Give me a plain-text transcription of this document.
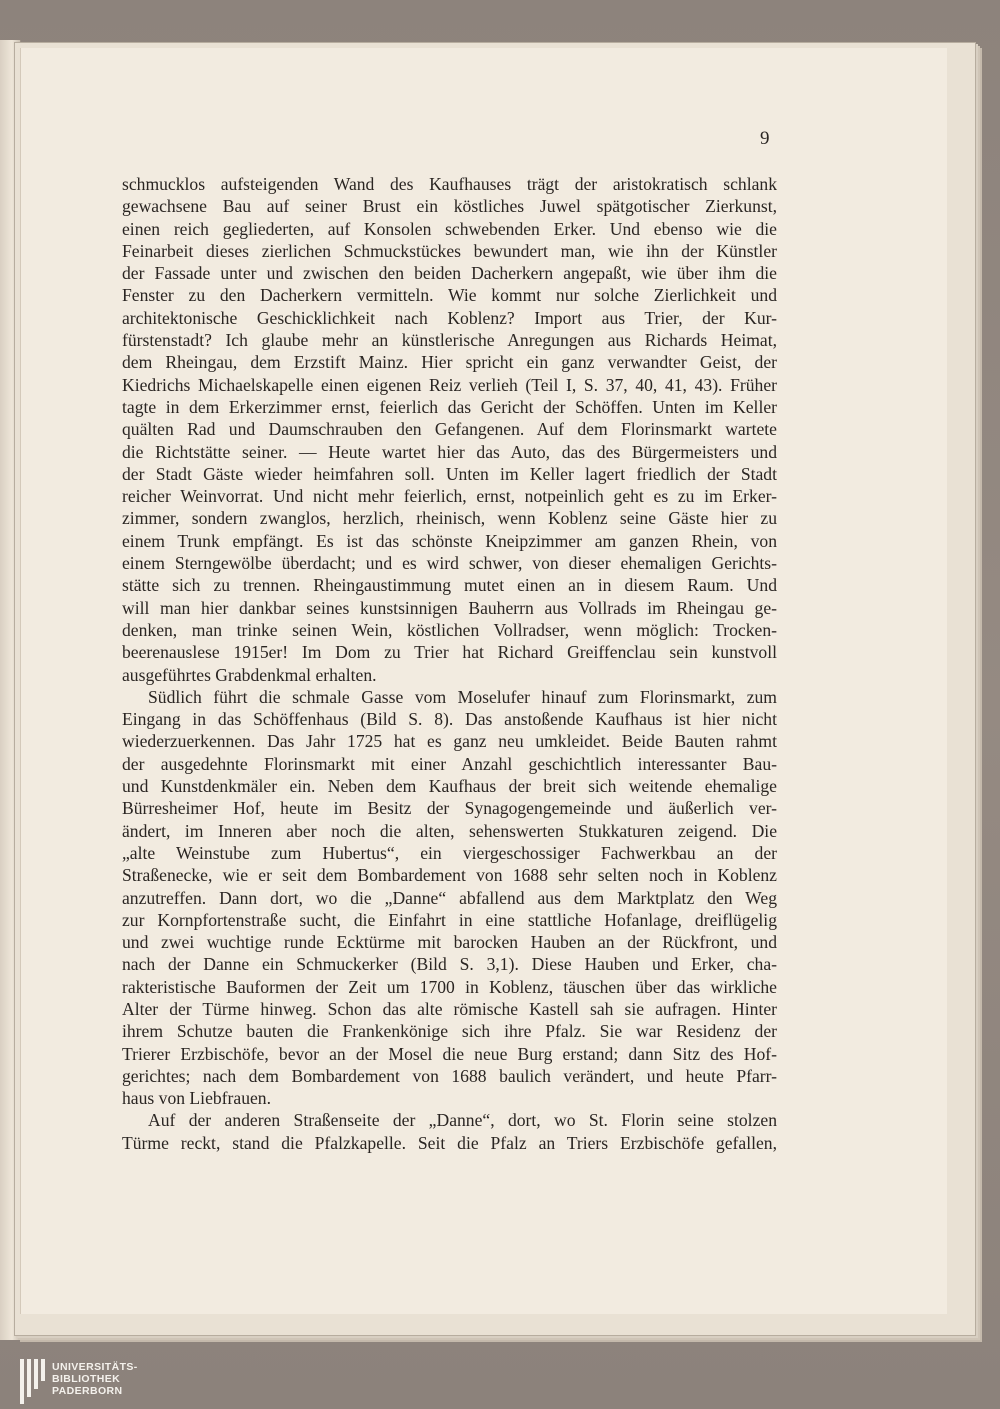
9
schmucklos aufsteigenden Wand des Kaufhauses trägt der aristokratisch schlank
gewachsene Bau auf seiner Brust ein köstliches Juwel spätgotischer Zierkunst,
einen reich gegliederten, auf Konsolen schwebenden Erker. Und ebenso wie die
Feinarbeit dieses zierlichen Schmuckstückes bewundert man, wie ihn der Künstler
der Fassade unter und zwischen den beiden Dacherkern angepaßt, wie über ihm die
Fenster zu den Dacherkern vermitteln. Wie kommt nur solche Zierlichkeit und
architektonische Geschicklichkeit nach Koblenz? Import aus Trier, der Kur-
fürstenstadt? Ich glaube mehr an künstlerische Anregungen aus Richards Heimat,
dem Rheingau, dem Erzstift Mainz. Hier spricht ein ganz verwandter Geist, der
Kiedrichs Michaelskapelle einen eigenen Reiz verlieh (Teil I, S. 37, 40, 41, 43). Früher
tagte in dem Erkerzimmer ernst, feierlich das Gericht der Schöffen. Unten im Keller
quälten Rad und Daumschrauben den Gefangenen. Auf dem Florinsmarkt wartete
die Richtstätte seiner. — Heute wartet hier das Auto, das des Bürgermeisters und
der Stadt Gäste wieder heimfahren soll. Unten im Keller lagert friedlich der Stadt
reicher Weinvorrat. Und nicht mehr feierlich, ernst, notpeinlich geht es zu im Erker-
zimmer, sondern zwanglos, herzlich, rheinisch, wenn Koblenz seine Gäste hier zu
einem Trunk empfängt. Es ist das schönste Kneipzimmer am ganzen Rhein, von
einem Sterngewölbe überdacht; und es wird schwer, von dieser ehemaligen Gerichts-
stätte sich zu trennen. Rheingaustimmung mutet einen an in diesem Raum. Und
will man hier dankbar seines kunstsinnigen Bauherrn aus Vollrads im Rheingau ge-
denken, man trinke seinen Wein, köstlichen Vollradser, wenn möglich: Trocken-
beerenauslese 1915er! Im Dom zu Trier hat Richard Greiffenclau sein kunstvoll
ausgeführtes Grabdenkmal erhalten.
Südlich führt die schmale Gasse vom Moselufer hinauf zum Florinsmarkt, zum
Eingang in das Schöffenhaus (Bild S. 8). Das anstoßende Kaufhaus ist hier nicht
wiederzuerkennen. Das Jahr 1725 hat es ganz neu umkleidet. Beide Bauten rahmt
der ausgedehnte Florinsmarkt mit einer Anzahl geschichtlich interessanter Bau-
und Kunstdenkmäler ein. Neben dem Kaufhaus der breit sich weitende ehemalige
Bürresheimer Hof, heute im Besitz der Synagogengemeinde und äußerlich ver-
ändert, im Inneren aber noch die alten, sehenswerten Stukkaturen zeigend. Die
„alte Weinstube zum Hubertus“, ein viergeschossiger Fachwerkbau an der
Straßenecke, wie er seit dem Bombardement von 1688 sehr selten noch in Koblenz
anzutreffen. Dann dort, wo die „Danne“ abfallend aus dem Marktplatz den Weg
zur Kornpfortenstraße sucht, die Einfahrt in eine stattliche Hofanlage, dreiflügelig
und zwei wuchtige runde Ecktürme mit barocken Hauben an der Rückfront, und
nach der Danne ein Schmuckerker (Bild S. 3,1). Diese Hauben und Erker, cha-
rakteristische Bauformen der Zeit um 1700 in Koblenz, täuschen über das wirkliche
Alter der Türme hinweg. Schon das alte römische Kastell sah sie aufragen. Hinter
ihrem Schutze bauten die Frankenkönige sich ihre Pfalz. Sie war Residenz der
Trierer Erzbischöfe, bevor an der Mosel die neue Burg erstand; dann Sitz des Hof-
gerichtes; nach dem Bombardement von 1688 baulich verändert, und heute Pfarr-
haus von Liebfrauen.
Auf der anderen Straßenseite der „Danne“, dort, wo St. Florin seine stolzen
Türme reckt, stand die Pfalzkapelle. Seit die Pfalz an Triers Erzbischöfe gefallen,
UNIVERSITÄTS-
BIBLIOTHEK
PADERBORN
